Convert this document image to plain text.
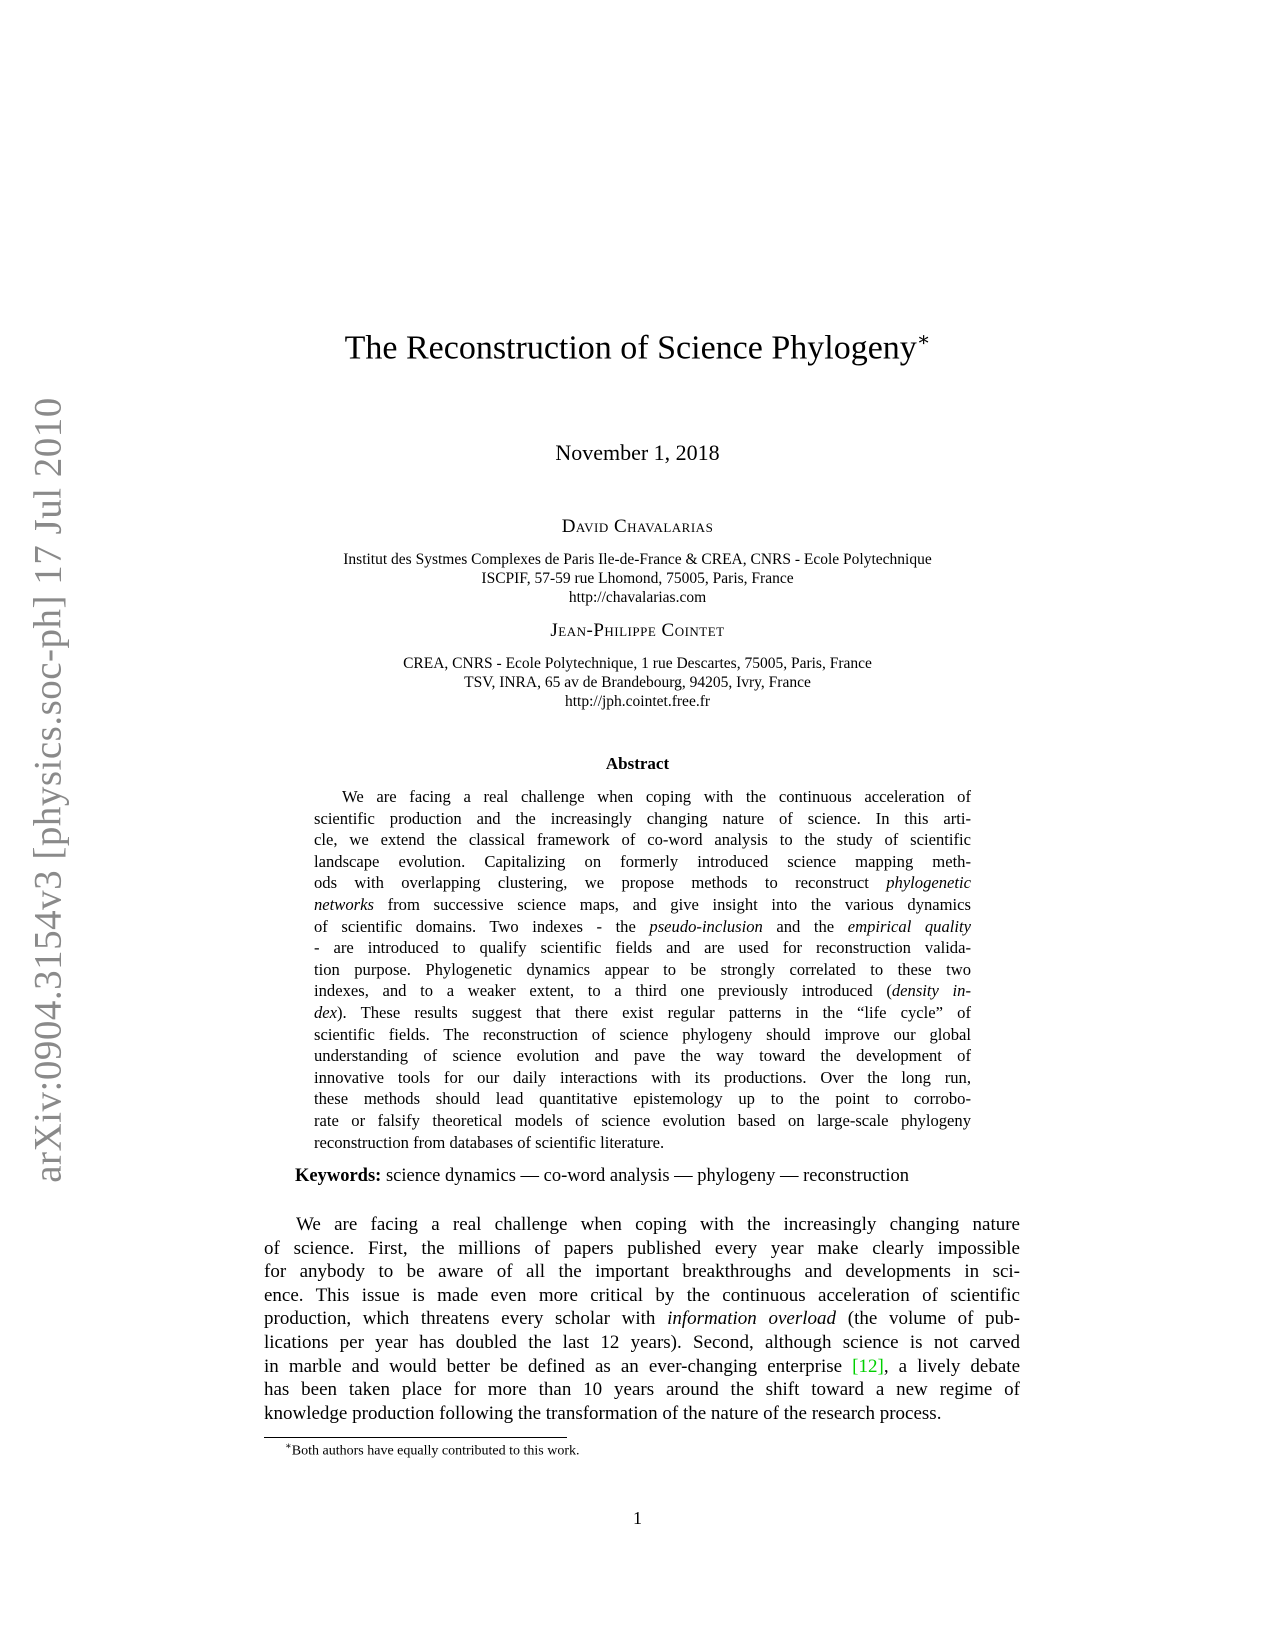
arXiv:0904.3154v3 [physics.soc-ph] 17 Jul 2010
The Reconstruction of Science Phylogeny∗
November 1, 2018
David Chavalarias
Institut des Systmes Complexes de Paris Ile-de-France & CREA, CNRS - Ecole Polytechnique
ISCPIF, 57-59 rue Lhomond, 75005, Paris, France
http://chavalarias.com
Jean-Philippe Cointet
CREA, CNRS - Ecole Polytechnique, 1 rue Descartes, 75005, Paris, France
TSV, INRA, 65 av de Brandebourg, 94205, Ivry, France
http://jph.cointet.free.fr
Abstract
We are facing a real challenge when coping with the continuous acceleration of
scientific production and the increasingly changing nature of science. In this arti-
cle, we extend the classical framework of co-word analysis to the study of scientific
landscape evolution. Capitalizing on formerly introduced science mapping meth-
ods with overlapping clustering, we propose methods to reconstruct phylogenetic
networks from successive science maps, and give insight into the various dynamics
of scientific domains. Two indexes - the pseudo-inclusion and the empirical quality
- are introduced to qualify scientific fields and are used for reconstruction valida-
tion purpose. Phylogenetic dynamics appear to be strongly correlated to these two
indexes, and to a weaker extent, to a third one previously introduced (density in-
dex). These results suggest that there exist regular patterns in the “life cycle” of
scientific fields. The reconstruction of science phylogeny should improve our global
understanding of science evolution and pave the way toward the development of
innovative tools for our daily interactions with its productions. Over the long run,
these methods should lead quantitative epistemology up to the point to corrobo-
rate or falsify theoretical models of science evolution based on large-scale phylogeny
reconstruction from databases of scientific literature.
Keywords: science dynamics — co-word analysis — phylogeny — reconstruction
We are facing a real challenge when coping with the increasingly changing nature
of science. First, the millions of papers published every year make clearly impossible
for anybody to be aware of all the important breakthroughs and developments in sci-
ence. This issue is made even more critical by the continuous acceleration of scientific
production, which threatens every scholar with information overload (the volume of pub-
lications per year has doubled the last 12 years). Second, although science is not carved
in marble and would better be defined as an ever-changing enterprise [12], a lively debate
has been taken place for more than 10 years around the shift toward a new regime of
knowledge production following the transformation of the nature of the research process.
∗Both authors have equally contributed to this work.
1
